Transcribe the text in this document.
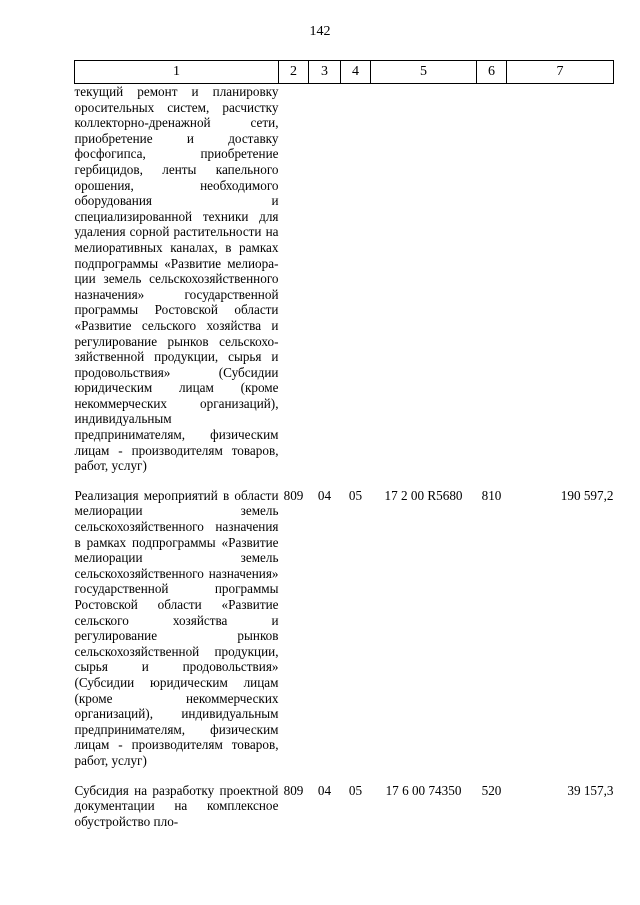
142
1	2	3	4	5	6	7
текущий ремонт и планировку оросительных систем, расчистку коллекторно-дренажной сети, приобретение и доставку фосфогипса, приобретение гербицидов, ленты капельного орошения, необходимого оборудования и специализированной техники для удаления сорной растительности на мелиоративных каналах, в рамках подпрограммы «Развитие мелиорации земель сельскохозяйственного назначения» государственной программы Ростовской области «Развитие сельского хозяйства и регулирование рынков сельскохозяйственной продукции, сырья и продовольствия» (Субсидии юридическим лицам (кроме некоммерческих организаций), индивидуальным предпринимателям, физическим лицам - производителям товаров, работ, услуг)						
Реализация мероприятий в области мелиорации земель сельскохозяйственного назначения в рамках подпрограммы «Развитие мелиорации земель сельскохозяйственного назначения» государственной программы Ростовской области «Развитие сельского хозяйства и регулирование рынков сельскохозяйственной продукции, сырья и продовольствия» (Субсидии юридическим лицам (кроме некоммерческих организаций), индивидуальным предпринимателям, физическим лицам - производителям товаров, работ, услуг)	809	04	05	17 2 00 R5680	810	190 597,2
Субсидия на разработку проектной документации на комплексное обустройство пло-	809	04	05	17 6 00 74350	520	39 157,3
